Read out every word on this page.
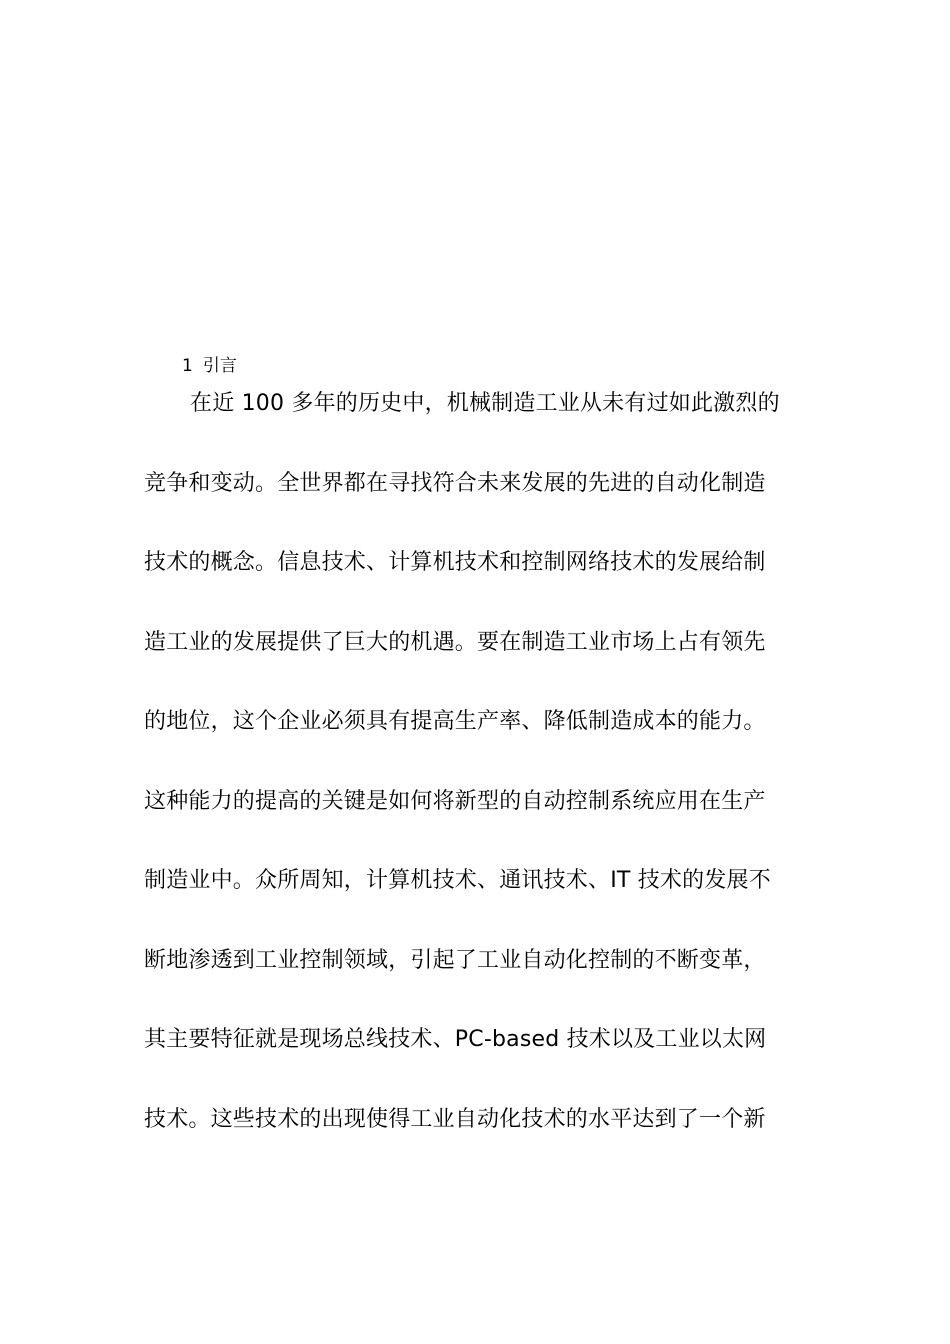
1 引言
在近 100 多年的历史中，机械制造工业从未有过如此激烈的
竞争和变动。全世界都在寻找符合未来发展的先进的自动化制造
技术的概念。信息技术、计算机技术和控制网络技术的发展给制
造工业的发展提供了巨大的机遇。要在制造工业市场上占有领先
的地位，这个企业必须具有提高生产率、降低制造成本的能力。
这种能力的提高的关键是如何将新型的自动控制系统应用在生产
制造业中。众所周知，计算机技术、通讯技术、IT 技术的发展不
断地渗透到工业控制领域，引起了工业自动化控制的不断变革，
其主要特征就是现场总线技术、PC-based 技术以及工业以太网
技术。这些技术的出现使得工业自动化技术的水平达到了一个新
